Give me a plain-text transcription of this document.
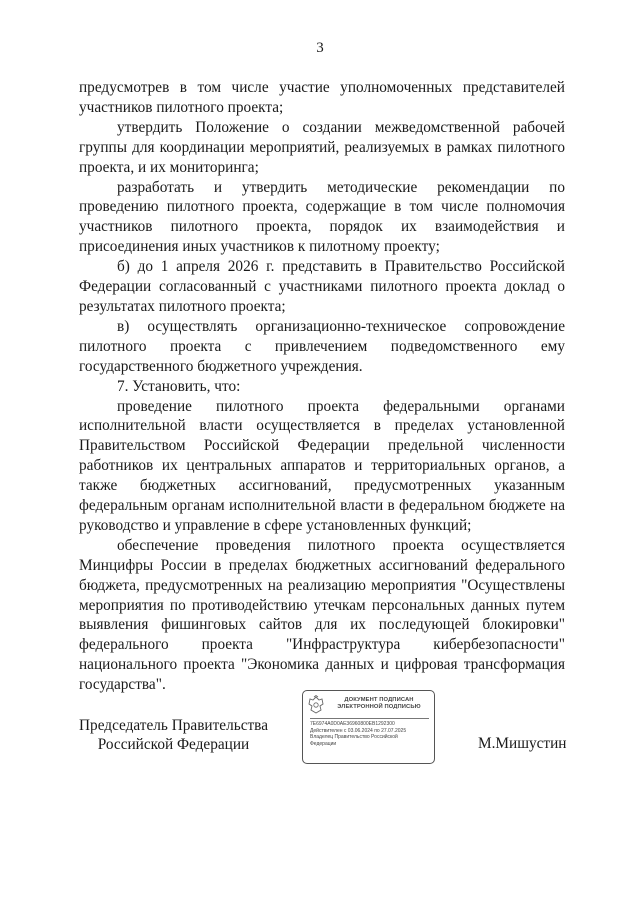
3

предусмотрев в том числе участие уполномоченных представителей участников пилотного проекта;

утвердить Положение о создании межведомственной рабочей группы для координации мероприятий, реализуемых в рамках пилотного проекта, и их мониторинга;

разработать и утвердить методические рекомендации по проведению пилотного проекта, содержащие в том числе полномочия участников пилотного проекта, порядок их взаимодействия и присоединения иных участников к пилотному проекту;

б) до 1 апреля 2026 г. представить в Правительство Российской Федерации согласованный с участниками пилотного проекта доклад о результатах пилотного проекта;

в) осуществлять организационно-техническое сопровождение пилотного проекта с привлечением подведомственного ему государственного бюджетного учреждения.

7. Установить, что:

проведение пилотного проекта федеральными органами исполнительной власти осуществляется в пределах установленной Правительством Российской Федерации предельной численности работников их центральных аппаратов и территориальных органов, а также бюджетных ассигнований, предусмотренных указанным федеральным органам исполнительной власти в федеральном бюджете на руководство и управление в сфере установленных функций;

обеспечение проведения пилотного проекта осуществляется Минцифры России в пределах бюджетных ассигнований федерального бюджета, предусмотренных на реализацию мероприятия "Осуществлены мероприятия по противодействию утечкам персональных данных путем выявления фишинговых сайтов для их последующей блокировки" федерального проекта "Инфраструктура кибербезопасности" национального проекта "Экономика данных и цифровая трансформация государства".

Председатель Правительства
Российской Федерации
ДОКУМЕНТ ПОДПИСАН
ЭЛЕКТРОННОЙ ПОДПИСЬЮ
7E6974A0D0AE36960800EB1292300
Действителен с 03.06.2024 по 27.07.2025
Владелец Правительство Российской
Федерации	М.Мишустин
